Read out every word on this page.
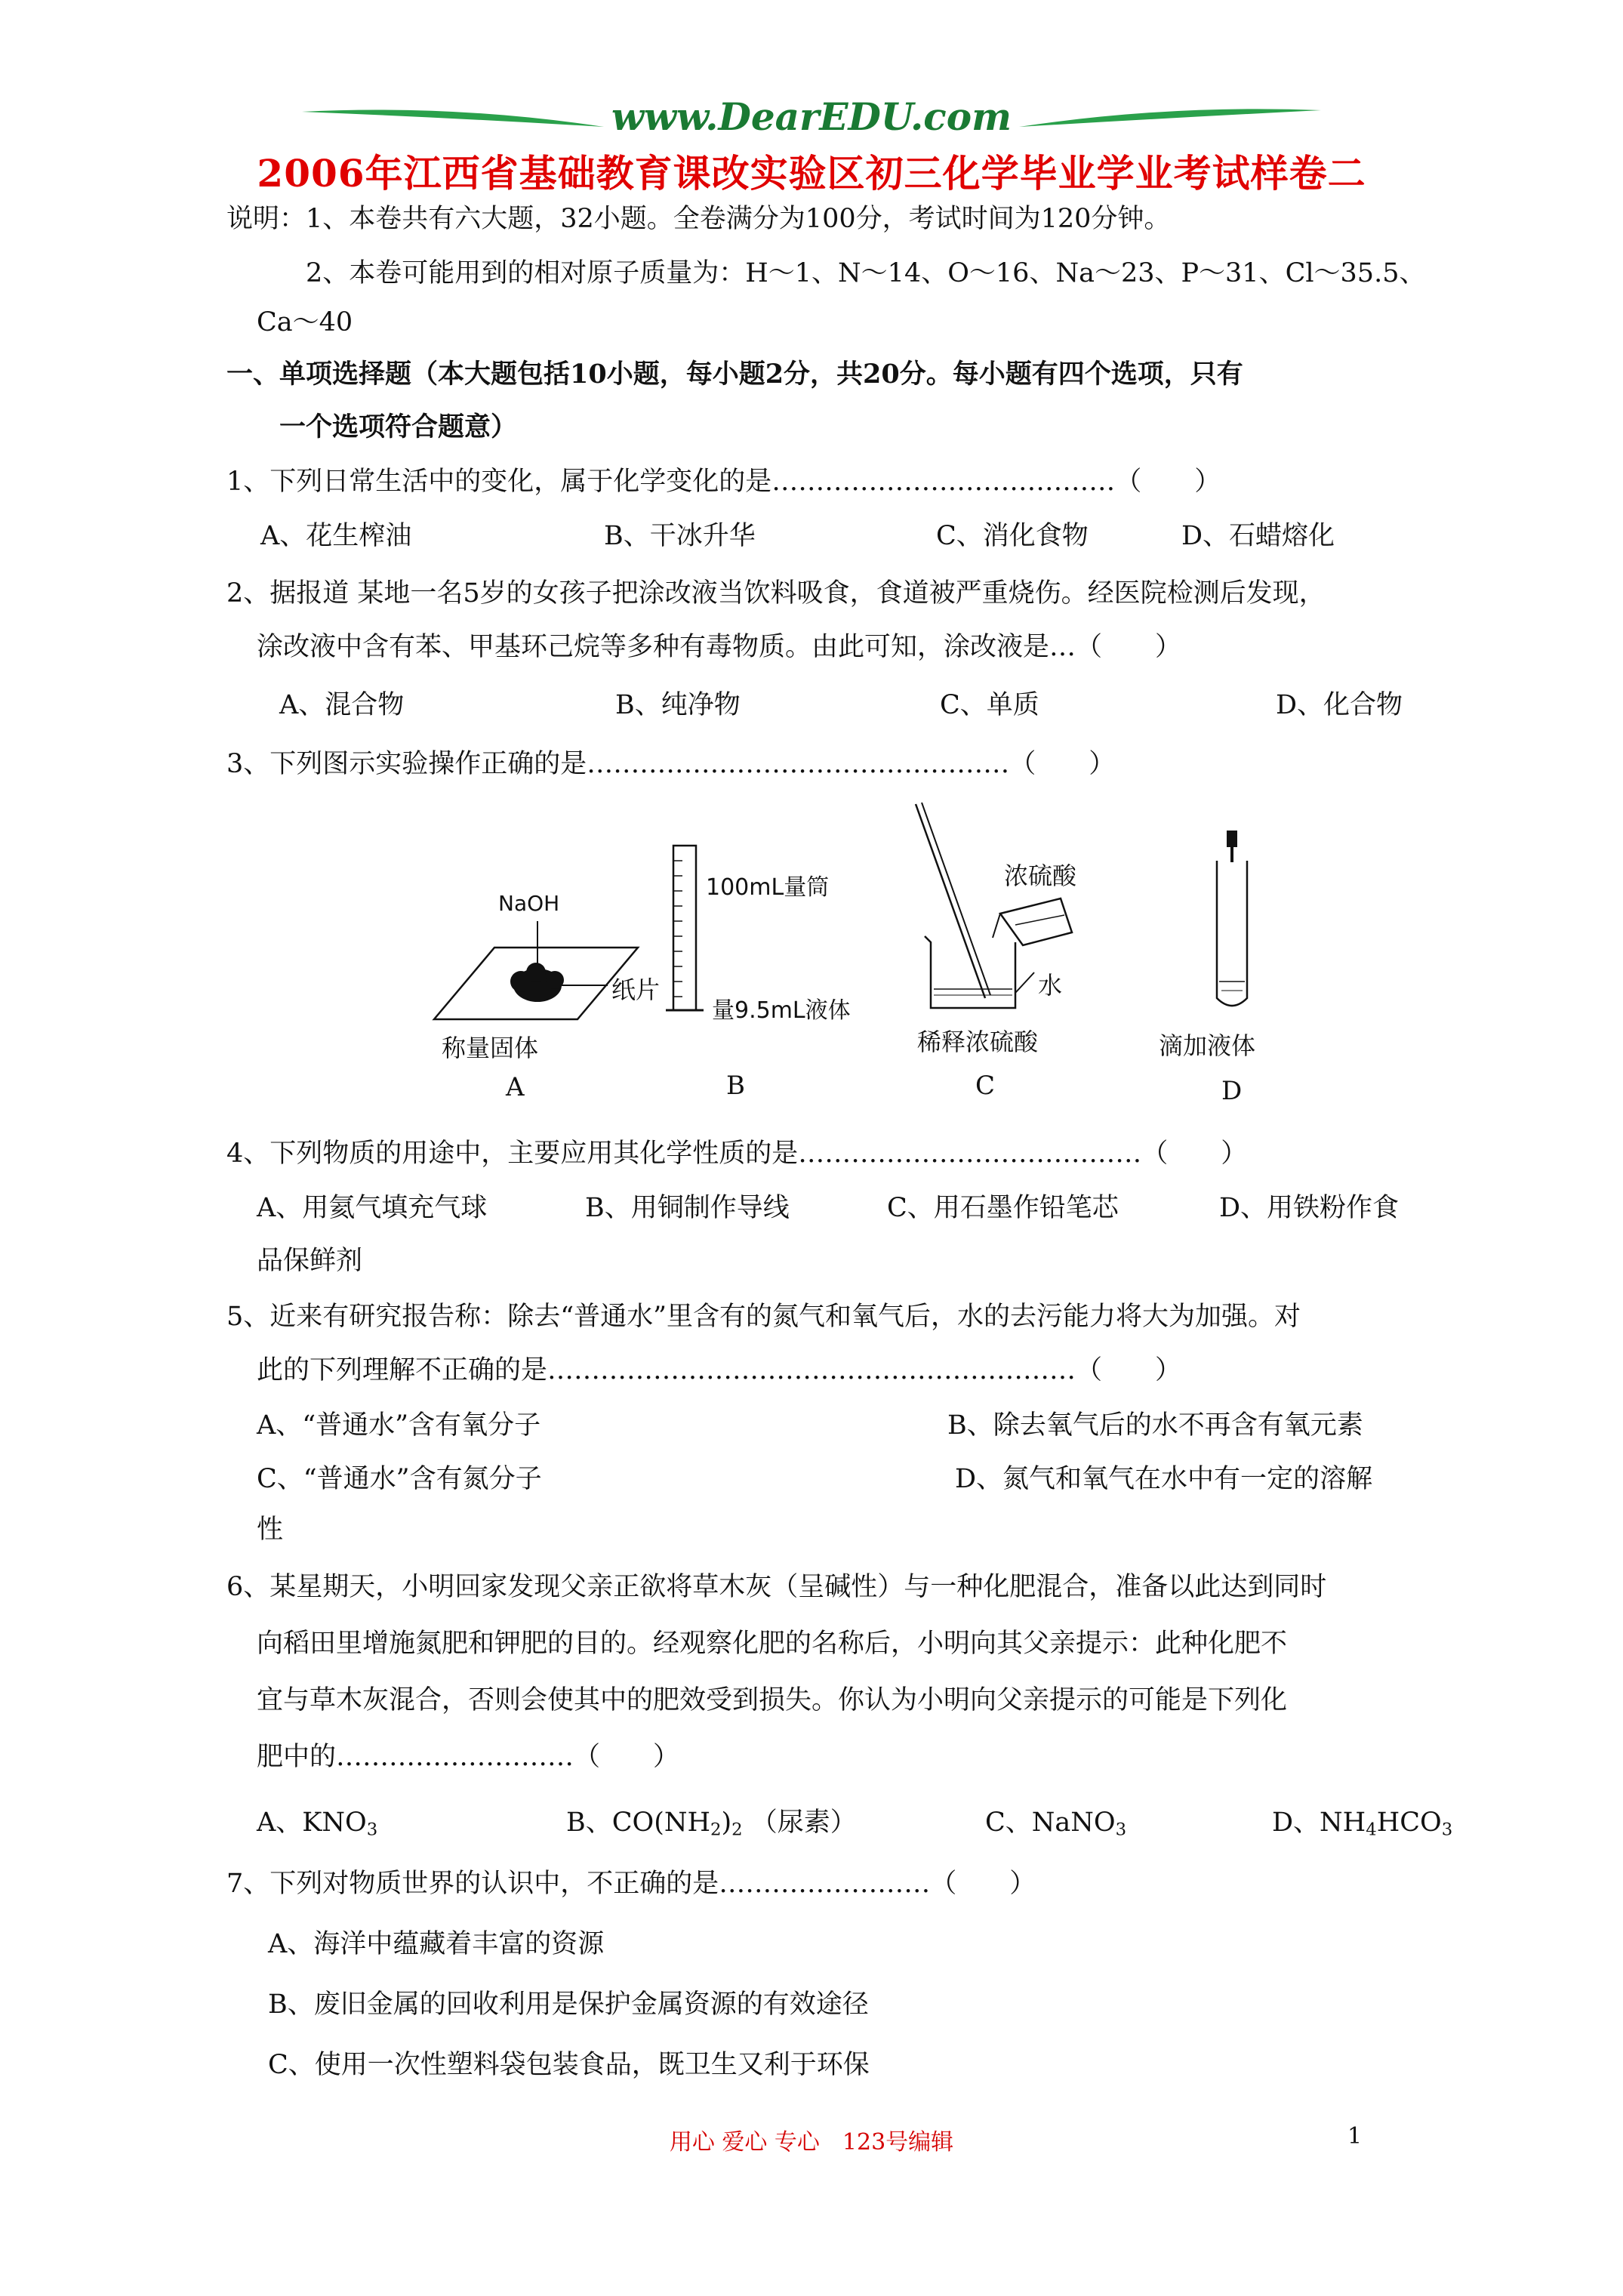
www.DearEDU.com
2006年江西省基础教育课改实验区初三化学毕业学业考试样卷二
说明：1、本卷共有六大题，32小题。全卷满分为100分，考试时间为120分钟。
2、本卷可能用到的相对原子质量为：H～1、N～14、O～16、Na～23、P～31、Cl～35.5、
Ca～40
一、单项选择题（本大题包括10小题，每小题2分，共20分。每小题有四个选项，只有
一个选项符合题意）
1、下列日常生活中的变化，属于化学变化的是…………………………………（　　）
A、花生榨油	B、干冰升华	C、消化食物	D、石蜡熔化
2、据报道 某地一名5岁的女孩子把涂改液当饮料吸食，食道被严重烧伤。经医院检测后发现，
涂改液中含有苯、甲基环己烷等多种有毒物质。由此可知，涂改液是…（　　）
A、混合物	B、纯净物	C、单质	D、化合物
3、下列图示实验操作正确的是…………………………………………（　　）
NaOH
纸片
称量固体
A
100mL量筒
量9.5mL液体
B
浓硫酸
水
稀释浓硫酸
C
滴加液体
D
4、下列物质的用途中，主要应用其化学性质的是…………………………………（　　）
A、用氦气填充气球	B、用铜制作导线	C、用石墨作铅笔芯	D、用铁粉作食
品保鲜剂
5、近来有研究报告称：除去“普通水”里含有的氮气和氧气后，水的去污能力将大为加强。对
此的下列理解不正确的是……………………………………………………（　　）
A、“普通水”含有氧分子	B、除去氧气后的水不再含有氧元素
C、“普通水”含有氮分子	D、氮气和氧气在水中有一定的溶解
性
6、某星期天，小明回家发现父亲正欲将草木灰（呈碱性）与一种化肥混合，准备以此达到同时
向稻田里增施氮肥和钾肥的目的。经观察化肥的名称后，小明向其父亲提示：此种化肥不
宜与草木灰混合，否则会使其中的肥效受到损失。你认为小明向父亲提示的可能是下列化
肥中的………………………（　　）
A、$KNO_3$	B、$CO(NH_2)_2$ （尿素）	C、NaNO$_3$	D、$NH_4HCO_3$
7、下列对物质世界的认识中，不正确的是……………………（　　）
A、海洋中蕴藏着丰富的资源
B、废旧金属的回收利用是保护金属资源的有效途径
C、使用一次性塑料袋包装食品，既卫生又利于环保
用心 爱心 专心　123号编辑	1
